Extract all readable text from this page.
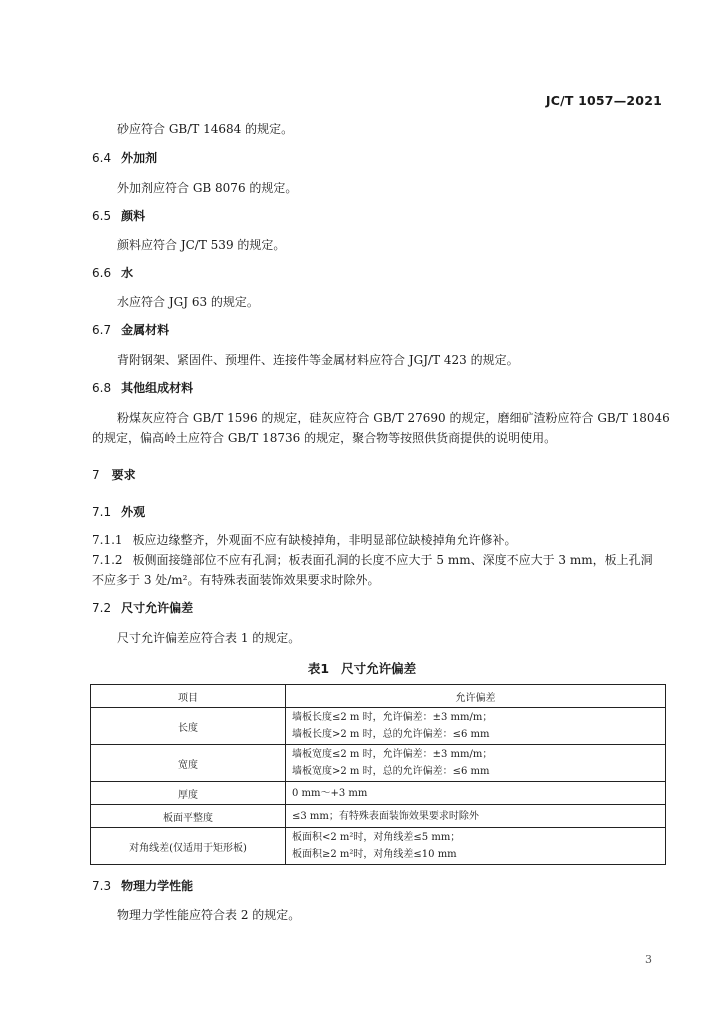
JC/T 1057—2021
砂应符合 GB/T 14684 的规定。
6.4 外加剂
外加剂应符合 GB 8076 的规定。
6.5 颜料
颜料应符合 JC/T 539 的规定。
6.6 水
水应符合 JGJ 63 的规定。
6.7 金属材料
背附钢架、紧固件、预埋件、连接件等金属材料应符合 JGJ/T 423 的规定。
6.8 其他组成材料
粉煤灰应符合 GB/T 1596 的规定，硅灰应符合 GB/T 27690 的规定，磨细矿渣粉应符合 GB/T 18046
的规定，偏高岭土应符合 GB/T 18736 的规定，聚合物等按照供货商提供的说明使用。
7 要求
7.1 外观
7.1.1 板应边缘整齐，外观面不应有缺棱掉角，非明显部位缺棱掉角允许修补。
7.1.2 板侧面接缝部位不应有孔洞；板表面孔洞的长度不应大于 5 mm、深度不应大于 3 mm，板上孔洞
不应多于 3 处/m²。有特殊表面装饰效果要求时除外。
7.2 尺寸允许偏差
尺寸允许偏差应符合表 1 的规定。
表1 尺寸允许偏差
项目	允许偏差
长度	墙板长度≤2 m 时，允许偏差：±3 mm/m；
墙板长度>2 m 时，总的允许偏差：≤6 mm

宽度	墙板宽度≤2 m 时，允许偏差：±3 mm/m；
墙板宽度>2 m 时，总的允许偏差：≤6 mm

厚度	0 mm～+3 mm

板面平整度	≤3 mm；有特殊表面装饰效果要求时除外

对角线差(仅适用于矩形板)	板面积<2 m²时，对角线差≤5 mm；
板面积≥2 m²时，对角线差≤10 mm
7.3 物理力学性能
物理力学性能应符合表 2 的规定。
3
